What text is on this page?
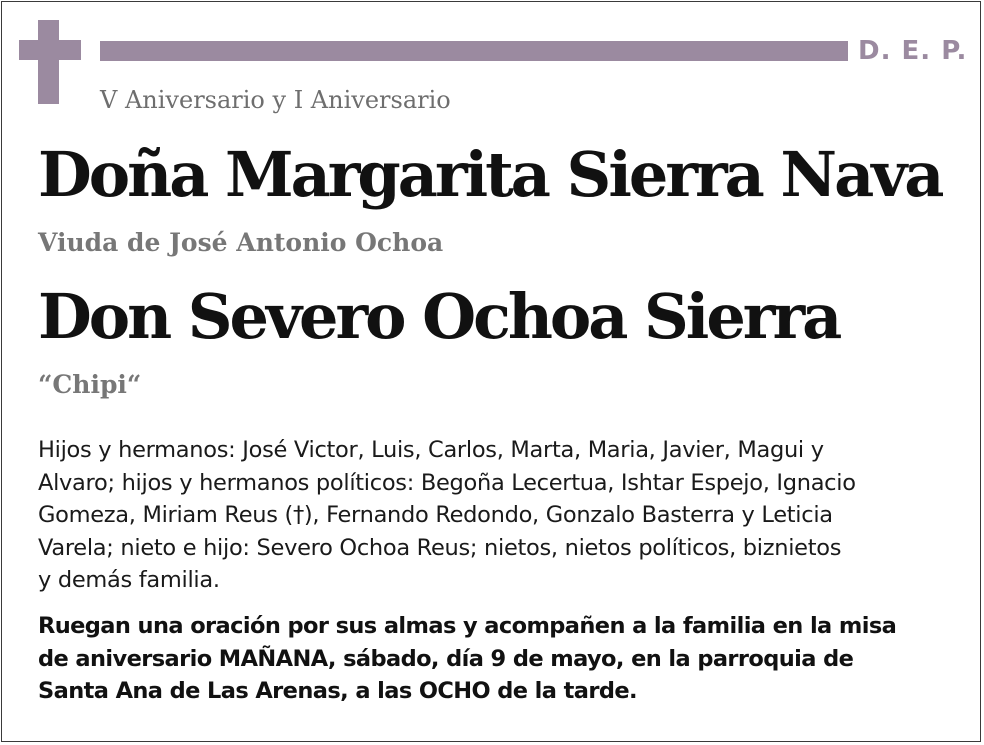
D. E. P.
V Aniversario y I Aniversario
Doña Margarita Sierra Nava
Viuda de José Antonio Ochoa
Don Severo Ochoa Sierra
“Chipi“
Hijos y hermanos: José Victor, Luis, Carlos, Marta, Maria, Javier, Magui y
Alvaro; hijos y hermanos políticos: Begoña Lecertua, Ishtar Espejo, Ignacio
Gomeza, Miriam Reus (†), Fernando Redondo, Gonzalo Basterra y Leticia
Varela; nieto e hijo: Severo Ochoa Reus; nietos, nietos políticos, biznietos
y demás familia.
Ruegan una oración por sus almas y acompañen a la familia en la misa
de aniversario MAÑANA, sábado, día 9 de mayo, en la parroquia de
Santa Ana de Las Arenas, a las OCHO de la tarde.
